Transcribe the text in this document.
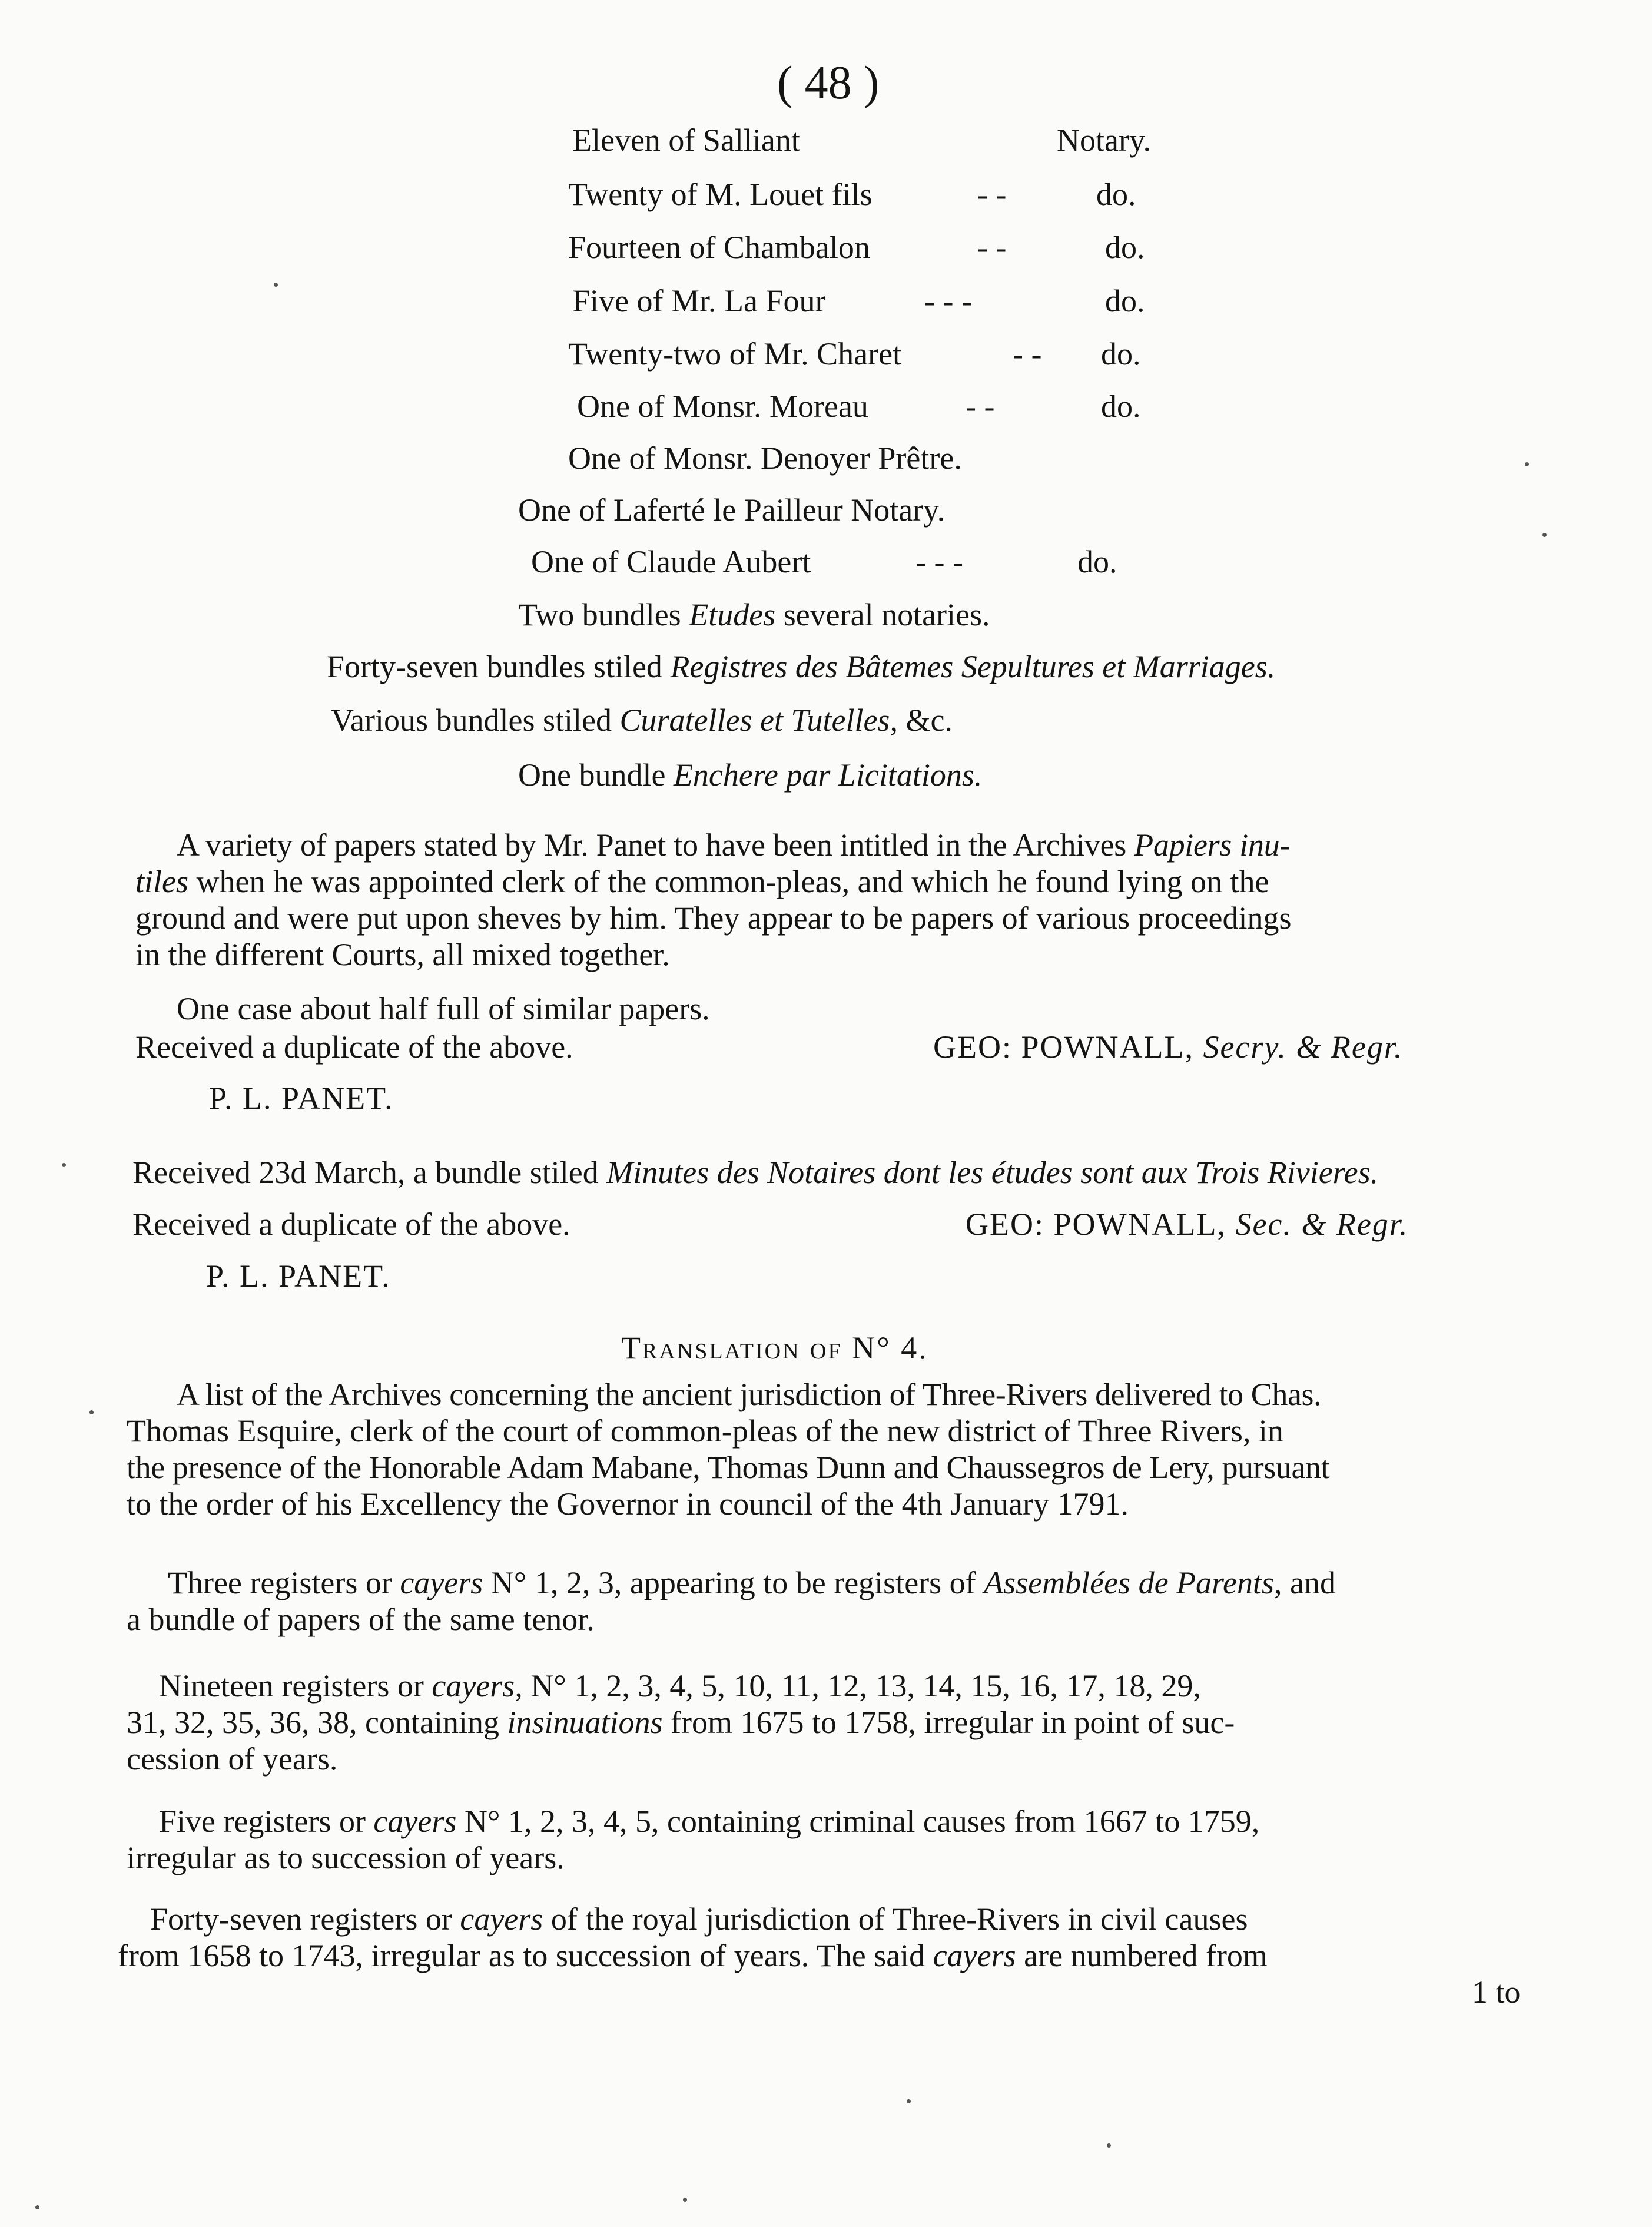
( 48 )
Eleven of Salliant	Notary.
Twenty of M. Louet fils	- -	do.
Fourteen of Chambalon	- -	do.
Five of Mr. La Four	- - -	do.
Twenty-two of Mr. Charet	- - do.
One of Monsr. Moreau	- -	do.
One of Monsr. Denoyer Prêtre.
One of Laferté le Pailleur Notary.
One of Claude Aubert	- - -	do.
Two bundles Etudes several notaries.
Forty-seven bundles stiled Registres des Bâtemes Sepultures et Marriages.
Various bundles stiled Curatelles et Tutelles, &c.
One bundle Enchere par Licitations.
A variety of papers stated by Mr. Panet to have been intitled in the Archives Papiers inu-
tiles when he was appointed clerk of the common-pleas, and which he found lying on the
ground and were put upon sheves by him. They appear to be papers of various proceedings
in the different Courts, all mixed together.
One case about half full of similar papers.
Received a duplicate of the above.	GEO: POWNALL, Secry. & Regr.
P. L. PANET.
Received 23d March, a bundle stiled Minutes des Notaires dont les études sont aux Trois Rivieres.
Received a duplicate of the above.	GEO: POWNALL, Sec. & Regr.
P. L. PANET.
Translation of N° 4.
A list of the Archives concerning the ancient jurisdiction of Three-Rivers delivered to Chas.
Thomas Esquire, clerk of the court of common-pleas of the new district of Three Rivers, in
the presence of the Honorable Adam Mabane, Thomas Dunn and Chaussegros de Lery, pursuant
to the order of his Excellency the Governor in council of the 4th January 1791.
Three registers or cayers N° 1, 2, 3, appearing to be registers of Assemblées de Parents, and
a bundle of papers of the same tenor.
Nineteen registers or cayers, N° 1, 2, 3, 4, 5, 10, 11, 12, 13, 14, 15, 16, 17, 18, 29,
31, 32, 35, 36, 38, containing insinuations from 1675 to 1758, irregular in point of suc-
cession of years.
Five registers or cayers N° 1, 2, 3, 4, 5, containing criminal causes from 1667 to 1759,
irregular as to succession of years.
Forty-seven registers or cayers of the royal jurisdiction of Three-Rivers in civil causes
from 1658 to 1743, irregular as to succession of years. The said cayers are numbered from
1 to
